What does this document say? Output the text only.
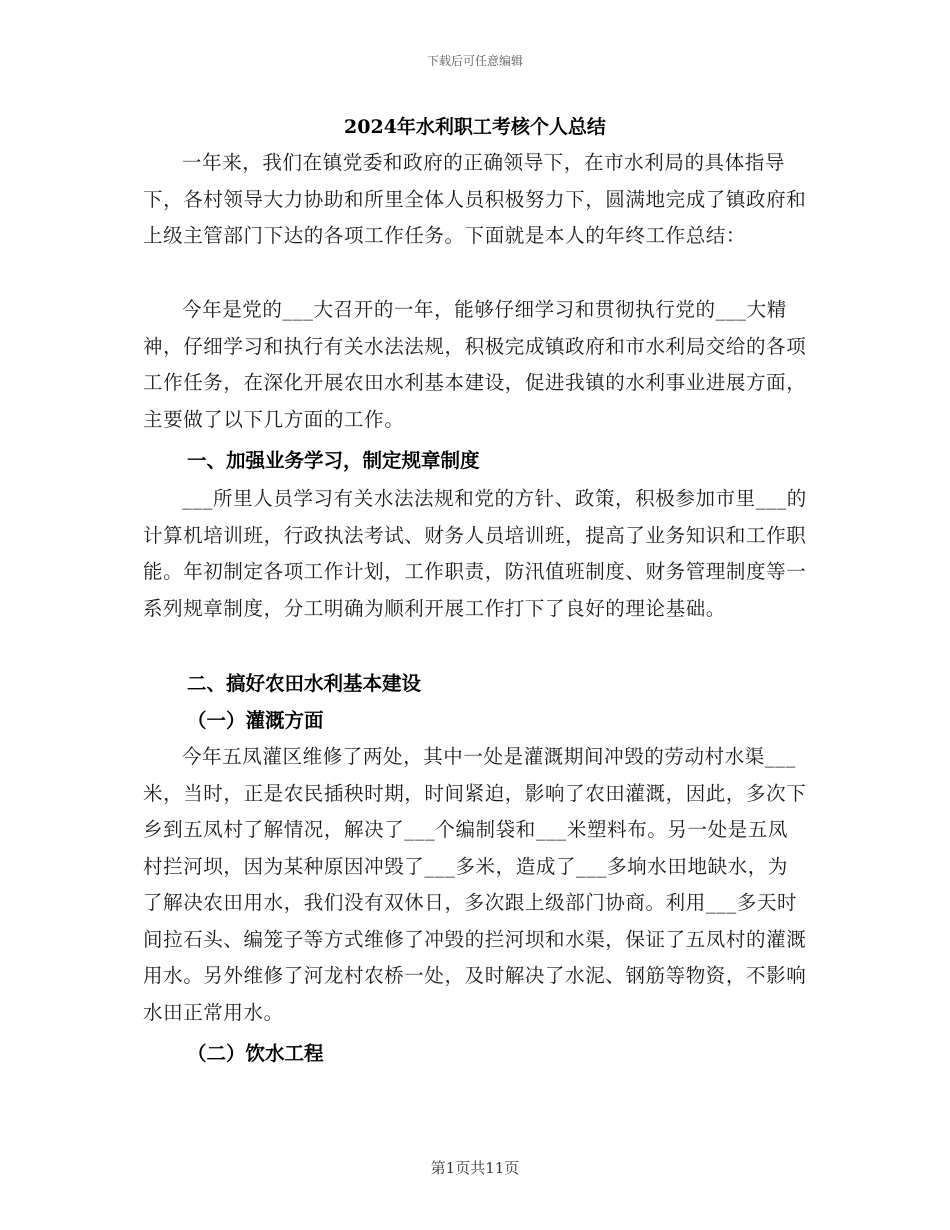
下载后可任意编辑
2024年水利职工考核个人总结

一年来，我们在镇党委和政府的正确领导下，在市水利局的具体指导下，各村领导大力协助和所里全体人员积极努力下，圆满地完成了镇政府和上级主管部门下达的各项工作任务。下面就是本人的年终工作总结：

今年是党的___大召开的一年，能够仔细学习和贯彻执行党的___大精神，仔细学习和执行有关水法法规，积极完成镇政府和市水利局交给的各项工作任务，在深化开展农田水利基本建设，促进我镇的水利事业进展方面，主要做了以下几方面的工作。

一、加强业务学习，制定规章制度

___所里人员学习有关水法法规和党的方针、政策，积极参加市里___的计算机培训班，行政执法考试、财务人员培训班，提高了业务知识和工作职能。年初制定各项工作计划，工作职责，防汛值班制度、财务管理制度等一系列规章制度，分工明确为顺利开展工作打下了良好的理论基础。

二、搞好农田水利基本建设

（一）灌溉方面

今年五凤灌区维修了两处，其中一处是灌溉期间冲毁的劳动村水渠___米，当时，正是农民插秧时期，时间紧迫，影响了农田灌溉，因此，多次下乡到五凤村了解情况，解决了___个编制袋和___米塑料布。另一处是五凤村拦河坝，因为某种原因冲毁了___多米，造成了___多垧水田地缺水，为了解决农田用水，我们没有双休日，多次跟上级部门协商。利用___多天时间拉石头、编笼子等方式维修了冲毁的拦河坝和水渠，保证了五凤村的灌溉用水。另外维修了河龙村农桥一处，及时解决了水泥、钢筋等物资，不影响水田正常用水。

（二）饮水工程

第1页共11页
